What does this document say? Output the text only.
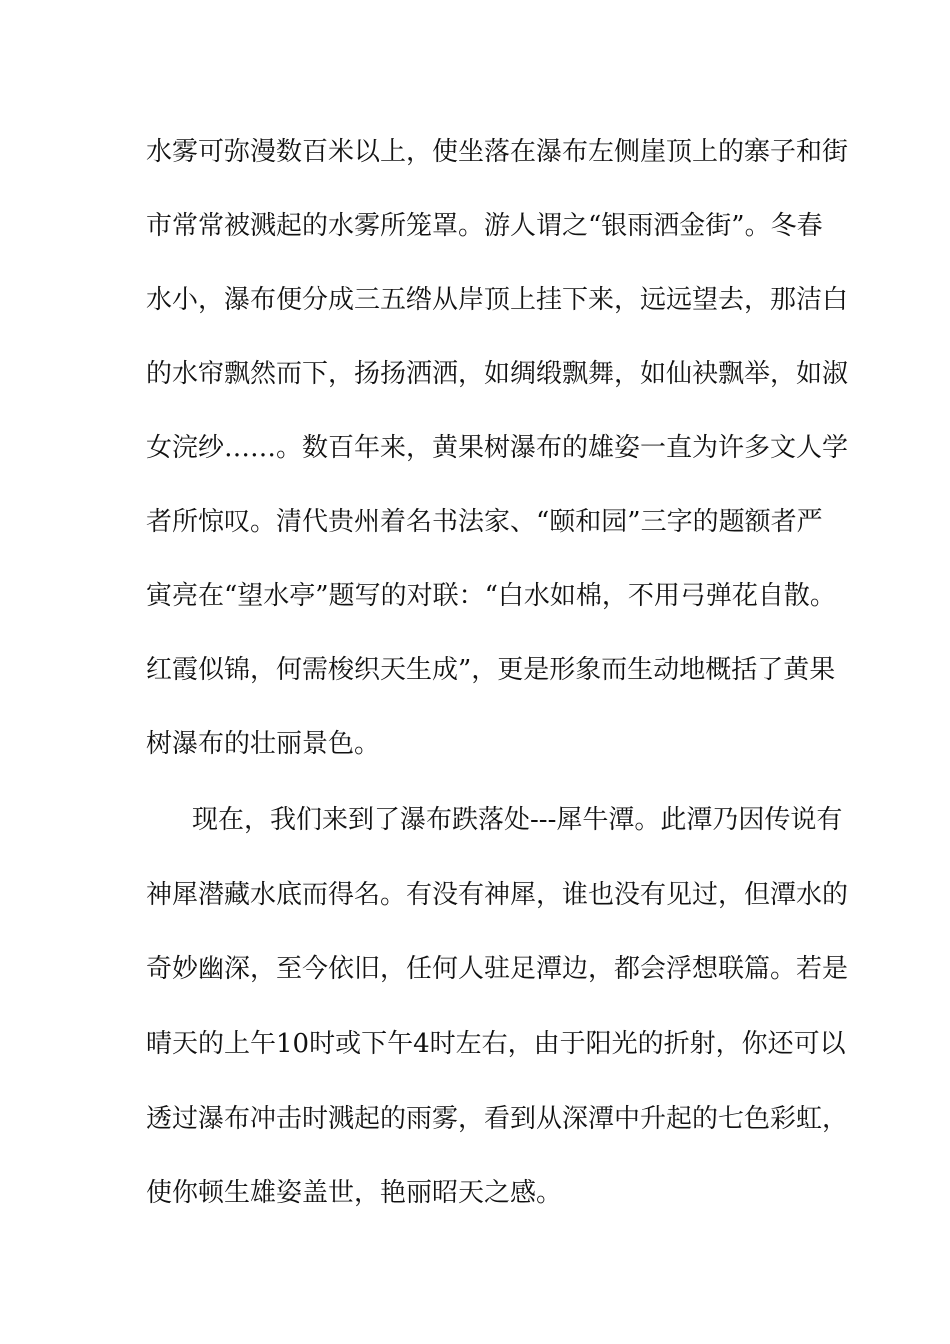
水雾可弥漫数百米以上，使坐落在瀑布左侧崖顶上的寨子和街
市常常被溅起的水雾所笼罩。游人谓之“银雨洒金街”。冬春
水小，瀑布便分成三五绺从岸顶上挂下来，远远望去，那洁白
的水帘飘然而下，扬扬洒洒，如绸缎飘舞，如仙袂飘举，如淑
女浣纱……。数百年来，黄果树瀑布的雄姿一直为许多文人学
者所惊叹。清代贵州着名书法家、“颐和园”三字的题额者严
寅亮在“望水亭”题写的对联：“白水如棉，不用弓弹花自散。
红霞似锦，何需梭织天生成”，更是形象而生动地概括了黄果
树瀑布的壮丽景色。
现在，我们来到了瀑布跌落处---犀牛潭。此潭乃因传说有
神犀潜藏水底而得名。有没有神犀，谁也没有见过，但潭水的
奇妙幽深，至今依旧，任何人驻足潭边，都会浮想联篇。若是
晴天的上午10时或下午4时左右，由于阳光的折射，你还可以
透过瀑布冲击时溅起的雨雾，看到从深潭中升起的七色彩虹，
使你顿生雄姿盖世，艳丽昭天之感。
